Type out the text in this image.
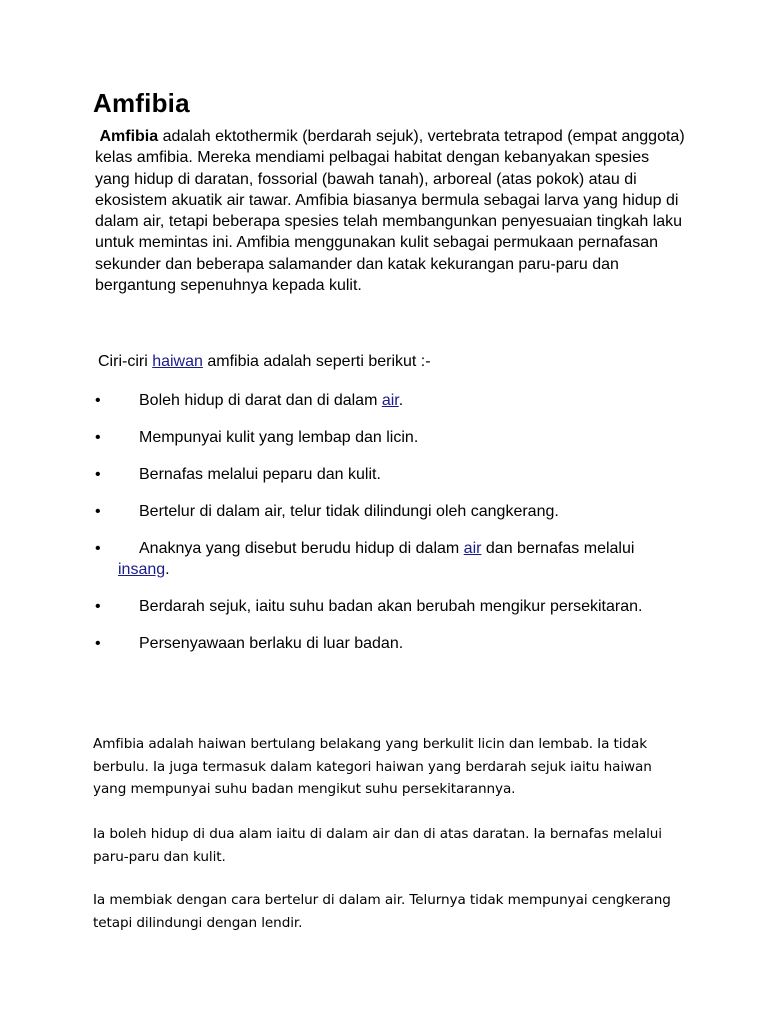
Amfibia

Amfibia adalah ektothermik (berdarah sejuk), vertebrata tetrapod (empat anggota) kelas amfibia. Mereka mendiami pelbagai habitat dengan kebanyakan spesies yang hidup di daratan, fossorial (bawah tanah), arboreal (atas pokok) atau di ekosistem akuatik air tawar. Amfibia biasanya bermula sebagai larva yang hidup di dalam air, tetapi beberapa spesies telah membangunkan penyesuaian tingkah laku untuk memintas ini. Amfibia menggunakan kulit sebagai permukaan pernafasan sekunder dan beberapa salamander dan katak kekurangan paru-paru dan bergantung sepenuhnya kepada kulit.

Ciri-ciri haiwan amfibia adalah seperti berikut :-

• Boleh hidup di darat dan di dalam air.
• Mempunyai kulit yang lembap dan licin.
• Bernafas melalui peparu dan kulit.
• Bertelur di dalam air, telur tidak dilindungi oleh cangkerang.
• Anaknya yang disebut berudu hidup di dalam air dan bernafas melalui insang.
• Berdarah sejuk, iaitu suhu badan akan berubah mengikur persekitaran.
• Persenyawaan berlaku di luar badan.

Amfibia adalah haiwan bertulang belakang yang berkulit licin dan lembab. Ia tidak berbulu. Ia juga termasuk dalam kategori haiwan yang berdarah sejuk iaitu haiwan yang mempunyai suhu badan mengikut suhu persekitarannya.

Ia boleh hidup di dua alam iaitu di dalam air dan di atas daratan. Ia bernafas melalui paru-paru dan kulit.

Ia membiak dengan cara bertelur di dalam air. Telurnya tidak mempunyai cengkerang tetapi dilindungi dengan lendir.
